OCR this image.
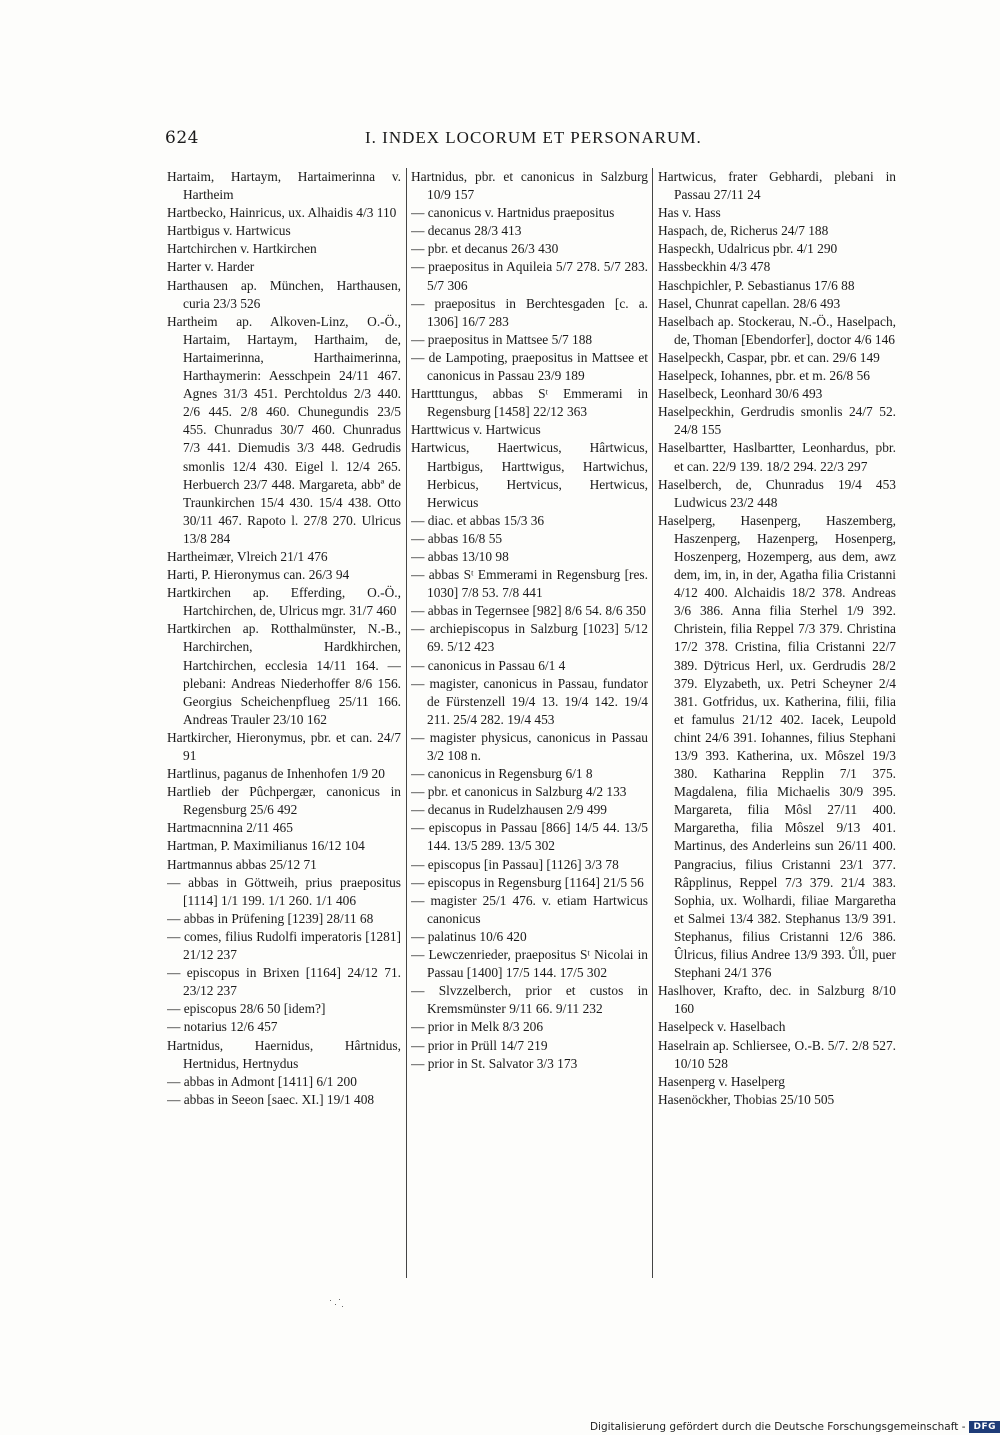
624	I. INDEX LOCORUM ET PERSONARUM.

Hartaim, Hartaym, Hartaimerinna v. Hartheim

Hartbecko, Hainricus, ux. Alhaidis 4/3 110

Hartbigus v. Hartwicus

Hartchirchen v. Hartkirchen

Harter v. Harder

Harthausen ap. München, Harthausen, curia 23/3 526

Hartheim ap. Alkoven-Linz, O.-Ö., Hartaim, Hartaym, Harthaim, de, Hartaimerinna, Harthaimerinna, Harthaymerin: Aesschpein 24/11 467. Agnes 31/3 451. Perchtoldus 2/3 440. 2/6 445. 2/8 460. Chunegundis 23/5 455. Chunradus 30/7 460. Chunradus 7/3 441. Diemudis 3/3 448. Gedrudis smonlis 12/4 430. Eigel l. 12/4 265. Herbuerch 23/7 448. Margareta, abbª de Traunkirchen 15/4 430. 15/4 438. Otto 30/11 467. Rapoto l. 27/8 270. Ulricus 13/8 284

Hartheimær, Vlreich 21/1 476

Harti, P. Hieronymus can. 26/3 94

Hartkirchen ap. Efferding, O.-Ö., Hartchirchen, de, Ulricus mgr. 31/7 460

Hartkirchen ap. Rotthalmünster, N.-B., Harchirchen, Hardkhirchen, Hartchirchen, ecclesia 14/11 164. — plebani: Andreas Niederhoffer 8/6 156. Georgius Scheichenpflueg 25/11 166. Andreas Trauler 23/10 162

Hartkircher, Hieronymus, pbr. et can. 24/7 91

Hartlinus, paganus de Inhenhofen 1/9 20

Hartlieb der Pûchpergær, canonicus in Regensburg 25/6 492

Hartmacnnina 2/11 465

Hartman, P. Maximilianus 16/12 104

Hartmannus abbas 25/12 71

— abbas in Göttweih, prius praepositus [1114] 1/1 199. 1/1 260. 1/1 406

— abbas in Prüfening [1239] 28/11 68

— comes, filius Rudolfi imperatoris [1281] 21/12 237

— episcopus in Brixen [1164] 24/12 71. 23/12 237

— episcopus 28/6 50 [idem?]

— notarius 12/6 457

Hartnidus, Haernidus, Hârtnidus, Hertnidus, Hertnydus

— abbas in Admont [1411] 6/1 200

— abbas in Seeon [saec. XI.] 19/1 408

Hartnidus, pbr. et canonicus in Salzburg 10/9 157

— canonicus v. Hartnidus praepositus

— decanus 28/3 413

— pbr. et decanus 26/3 430

— praepositus in Aquileia 5/7 278. 5/7 283. 5/7 306

— praepositus in Berchtesgaden [c. a. 1306] 16/7 283

— praepositus in Mattsee 5/7 188

— de Lampoting, praepositus in Mattsee et canonicus in Passau 23/9 189

Hartttungus, abbas Sᵗ Emmerami in Regensburg [1458] 22/12 363

Harttwicus v. Hartwicus

Hartwicus, Haertwicus, Hârtwicus, Hartbigus, Harttwigus, Hartwichus, Herbicus, Hertvicus, Hertwicus, Herwicus

— diac. et abbas 15/3 36

— abbas 16/8 55

— abbas 13/10 98

— abbas Sᵗ Emmerami in Regensburg [res. 1030] 7/8 53. 7/8 441

— abbas in Tegernsee [982] 8/6 54. 8/6 350

— archiepiscopus in Salzburg [1023] 5/12 69. 5/12 423

— canonicus in Passau 6/1 4

— magister, canonicus in Passau, fundator de Fürstenzell 19/4 13. 19/4 142. 19/4 211. 25/4 282. 19/4 453

— magister physicus, canonicus in Passau 3/2 108 n.

— canonicus in Regensburg 6/1 8

— pbr. et canonicus in Salzburg 4/2 133

— decanus in Rudelzhausen 2/9 499

— episcopus in Passau [866] 14/5 44. 13/5 144. 13/5 289. 13/5 302

— episcopus [in Passau] [1126] 3/3 78

— episcopus in Regensburg [1164] 21/5 56

— magister 25/1 476. v. etiam Hartwicus canonicus

— palatinus 10/6 420

— Lewczenrieder, praepositus Sᵗ Nicolai in Passau [1400] 17/5 144. 17/5 302

— Slvzzelberch, prior et custos in Kremsmünster 9/11 66. 9/11 232

— prior in Melk 8/3 206

— prior in Prüll 14/7 219

— prior in St. Salvator 3/3 173

Hartwicus, frater Gebhardi, plebani in Passau 27/11 24

Has v. Hass

Haspach, de, Richerus 24/7 188

Haspeckh, Udalricus pbr. 4/1 290

Hassbeckhin 4/3 478

Haschpichler, P. Sebastianus 17/6 88

Hasel, Chunrat capellan. 28/6 493

Haselbach ap. Stockerau, N.-Ö., Haselpach, de, Thoman [Ebendorfer], doctor 4/6 146

Haselpeckh, Caspar, pbr. et can. 29/6 149

Haselpeck, Iohannes, pbr. et m. 26/8 56

Haselbeck, Leonhard 30/6 493

Haselpeckhin, Gerdrudis smonlis 24/7 52. 24/8 155

Haselbartter, Haslbartter, Leonhardus, pbr. et can. 22/9 139. 18/2 294. 22/3 297

Haselberch, de, Chunradus 19/4 453 Ludwicus 23/2 448

Haselperg, Hasenperg, Haszemberg, Haszenperg, Hazenperg, Hosenperg, Hoszenperg, Hozemperg, aus dem, awz dem, im, in, in der, Agatha filia Cristanni 4/12 400. Alchaidis 18/2 378. Andreas 3/6 386. Anna filia Sterhel 1/9 392. Christein, filia Reppel 7/3 379. Christina 17/2 378. Cristina, filia Cristanni 22/7 389. Dÿtricus Herl, ux. Gerdrudis 28/2 379. Elyzabeth, ux. Petri Scheyner 2/4 381. Gotfridus, ux. Katherina, filii, filia et famulus 21/12 402. Iacek, Leupold chint 24/6 391. Iohannes, filius Stephani 13/9 393. Katherina, ux. Môszel 19/3 380. Katharina Repplin 7/1 375. Magdalena, filia Michaelis 30/9 395. Margareta, filia Môsl 27/11 400. Margaretha, filia Môszel 9/13 401. Martinus, des Anderleins sun 26/11 400. Pangracius, filius Cristanni 23/1 377. Râpplinus, Reppel 7/3 379. 21/4 383. Sophia, ux. Wolhardi, filiae Margaretha et Salmei 13/4 382. Stephanus 13/9 391. Stephanus, filius Cristanni 12/6 386. Ûlricus, filius Andree 13/9 393. Ůll, puer Stephani 24/1 376

Haslhover, Krafto, dec. in Salzburg 8/10 160

Haselpeck v. Haselbach

Haselrain ap. Schliersee, O.-B. 5/7. 2/8 527. 10/10 528

Hasenperg v. Haselperg

Hasenöckher, Thobias 25/10 505

Digitalisierung gefördert durch die Deutsche Forschungsgemeinschaft - DFG
